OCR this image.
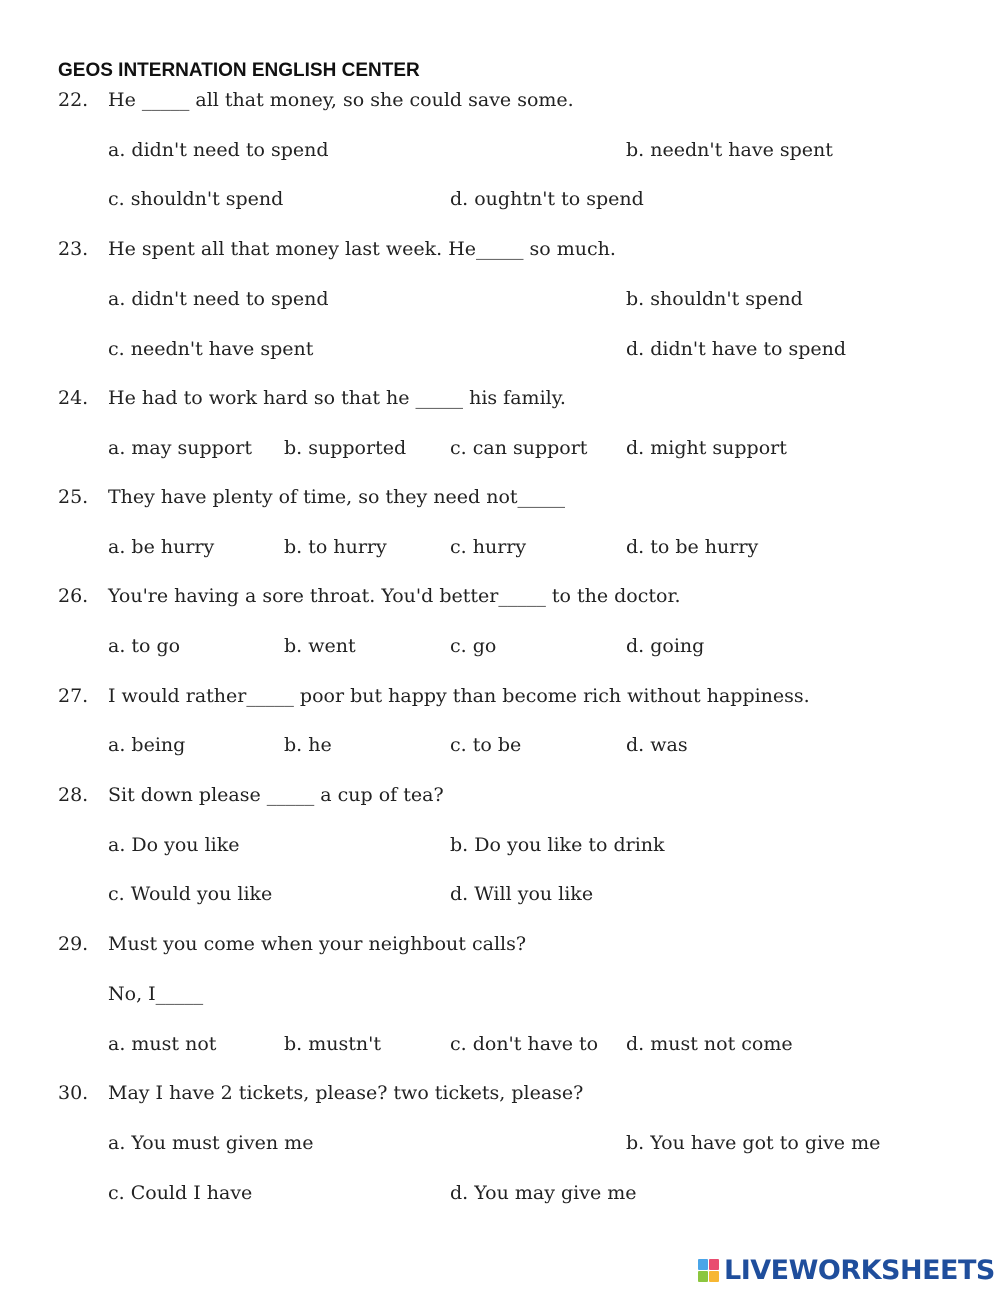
GEOS INTERNATION ENGLISH CENTER
22. He _____ all that money, so she could save some.
a. didn't need to spend	b. needn't have spent
c. shouldn't spend	d. oughtn't to spend
23. He spent all that money last week. He_____ so much.
a. didn't need to spend	b. shouldn't spend
c. needn't have spent	d. didn't have to spend
24. He had to work hard so that he _____ his family.
a. may support b. supported c. can support d. might support
25. They have plenty of time, so they need not_____
a. be hurry	b. to hurry	c. hurry	d. to be hurry
26. You're having a sore throat. You'd better_____ to the doctor.
a. to go	b. went	c. go	d. going
27. I would rather_____ poor but happy than become rich without happiness.
a. being	b. he	c. to be	d. was
28. Sit down please _____ a cup of tea?
a. Do you like	b. Do you like to drink
c. Would you like	d. Will you like
29. Must you come when your neighbout calls?
No, I_____
a. must not	b. mustn't	c. don't have to d. must not come
30. May I have 2 tickets, please? two tickets, please?
a. You must given me	b. You have got to give me
c. Could I have	d. You may give me
LIVEWORKSHEETS
